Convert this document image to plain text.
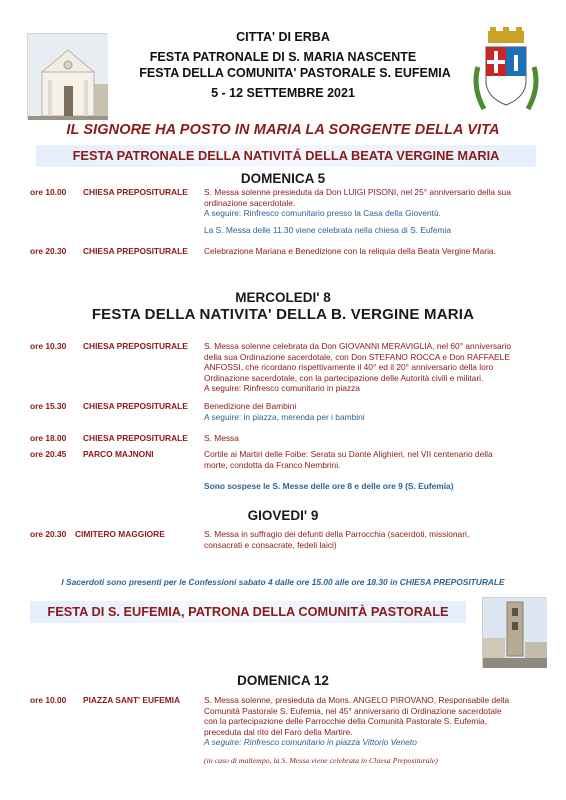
CITTA' DI ERBA
FESTA PATRONALE DI S. MARIA NASCENTE
FESTA DELLA COMUNITA' PASTORALE S. EUFEMIA
5 - 12 SETTEMBRE 2021
IL SIGNORE HA POSTO IN MARIA LA SORGENTE DELLA VITA
FESTA PATRONALE DELLA NATIVITÁ DELLA BEATA VERGINE MARIA
DOMENICA 5
ore 10.00 CHIESA PREPOSITURALE S. Messa solenne presieduta da Don LUIGI PISONI, nel 25° anniversario della sua
ordinazione sacerdotale.
A seguire: Rinfresco comunitario presso la Casa della Gioventù.
La S. Messa delle 11.30 viene celebrata nella chiesa di S. Eufemia
ore 20.30 CHIESA PREPOSITURALE Celebrazione Mariana e Benedizione con la reliquia della Beata Vergine Maria.
MERCOLEDI' 8
FESTA DELLA NATIVITA' DELLA B. VERGINE MARIA
ore 10.30 CHIESA PREPOSITURALE S. Messa solenne celebrata da Don GIOVANNI MERAVIGLIA, nel 60° anniversario
della sua Ordinazione sacerdotale, con Don STEFANO ROCCA e Don RAFFAELE
ANFOSSI, che ricordano rispettivamente il 40° ed il 20° anniversario della loro
Ordinazione sacerdotale, con la partecipazione delle Autorità civili e militari.
A seguire: Rinfresco comunitario in piazza
ore 15.30 CHIESA PREPOSITURALE Benedizione dei Bambini
A seguire: in piazza, merenda per i bambini
ore 18.00 CHIESA PREPOSITURALE S. Messa
ore 20.45 PARCO MAJNONI	Cortile ai Martiri delle Foibe: Serata su Dante Alighieri, nel VII centenario della
morte, condotta da Franco Nembrini.
Sono sospese le S. Messe delle ore 8 e delle ore 9 (S. Eufemia)
GIOVEDI' 9
ore 20.30 CIMITERO MAGGIORE	S. Messa in suffragio dei defunti della Parrocchia (sacerdoti, missionari,
consacrati e consacrate, fedeli laici)
I Sacerdoti sono presenti per le Confessioni sabato 4 dalle ore 15.00 alle ore 18.30 in CHIESA PREPOSITURALE
FESTA DI S. EUFEMIA, PATRONA DELLA COMUNITÀ PASTORALE
DOMENICA 12
ore 10.00 PIAZZA SANT' EUFEMIA	S. Messa solenne, presieduta da Mons. ANGELO PIROVANO, Responsabile della
Comunità Pastorale S. Eufemia, nel 45° anniversario di Ordinazione sacerdotale
con la partecipazione delle Parrocchie della Comunità Pastorale S. Eufemia,
preceduta dal rito del Faro della Martire.
A seguire: Rinfresco comunitario in piazza Vittorio Veneto
(in caso di maltempo, la S. Messa viene celebrata in Chiesa Prepositurale)
